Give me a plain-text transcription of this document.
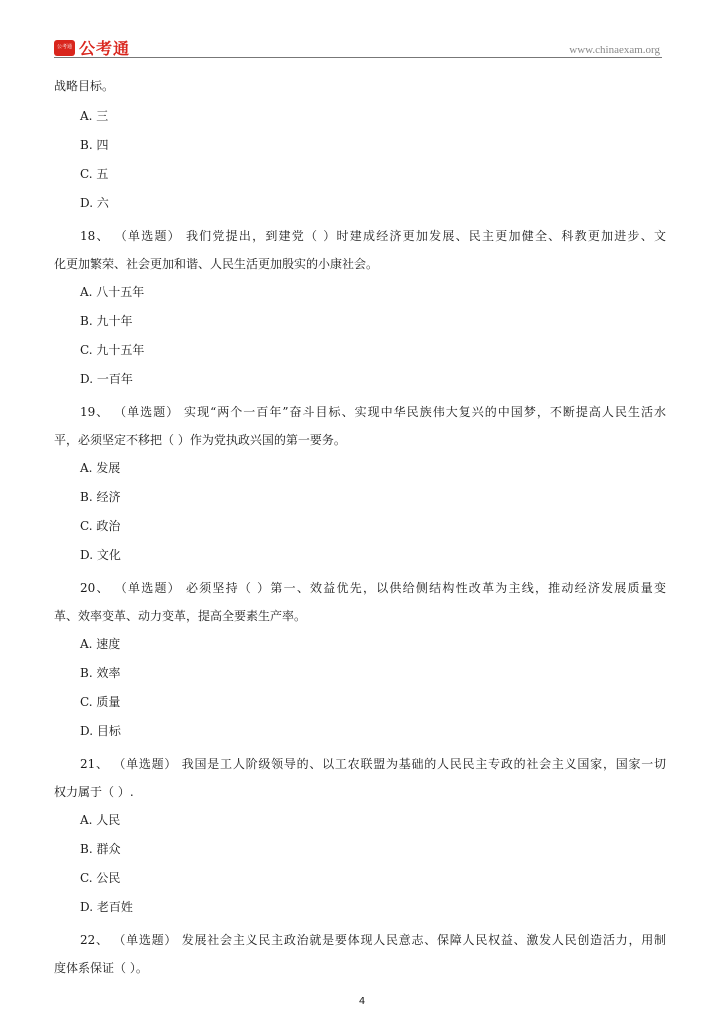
公考通 公考通	www.chinaexam.org
战略目标。
A. 三
B. 四
C. 五
D. 六
18、 （单选题） 我们党提出，到建党（ ）时建成经济更加发展、民主更加健全、科教更加进步、文
化更加繁荣、社会更加和谐、人民生活更加殷实的小康社会。
A. 八十五年
B. 九十年
C. 九十五年
D. 一百年
19、 （单选题） 实现“两个一百年”奋斗目标、实现中华民族伟大复兴的中国梦，不断提高人民生活水
平，必须坚定不移把（ ）作为党执政兴国的第一要务。
A. 发展
B. 经济
C. 政治
D. 文化
20、 （单选题） 必须坚持（ ）第一、效益优先，以供给侧结构性改革为主线，推动经济发展质量变
革、效率变革、动力变革，提高全要素生产率。
A. 速度
B. 效率
C. 质量
D. 目标
21、 （单选题） 我国是工人阶级领导的、以工农联盟为基础的人民民主专政的社会主义国家，国家一切
权力属于（ ）.
A. 人民
B. 群众
C. 公民
D. 老百姓
22、 （单选题） 发展社会主义民主政治就是要体现人民意志、保障人民权益、激发人民创造活力，用制
度体系保证（ ）。
4
